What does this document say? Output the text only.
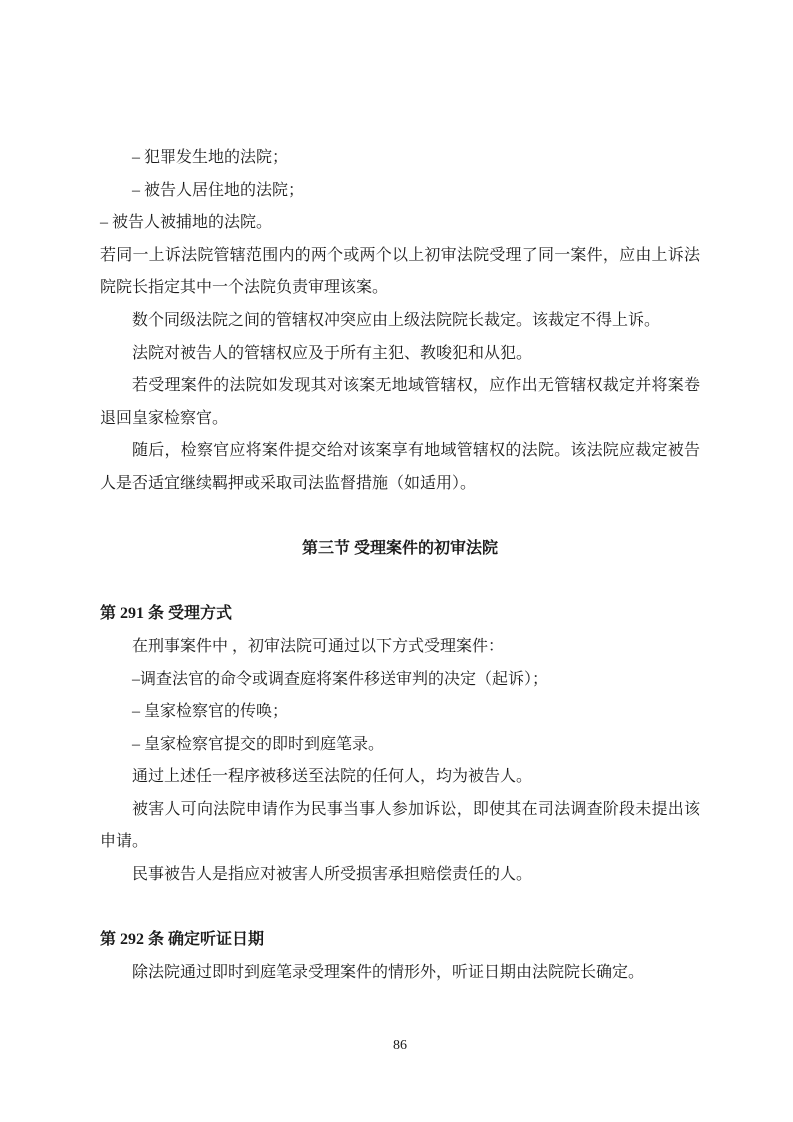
– 犯罪发生地的法院；

– 被告人居住地的法院；

– 被告人被捕地的法院。

若同一上诉法院管辖范围内的两个或两个以上初审法院受理了同一案件，应由上诉法院院长指定其中一个法院负责审理该案。

数个同级法院之间的管辖权冲突应由上级法院院长裁定。该裁定不得上诉。

法院对被告人的管辖权应及于所有主犯、教唆犯和从犯。

若受理案件的法院如发现其对该案无地域管辖权，应作出无管辖权裁定并将案卷退回皇家检察官。

随后，检察官应将案件提交给对该案享有地域管辖权的法院。该法院应裁定被告人是否适宜继续羁押或采取司法监督措施（如适用）。

第三节 受理案件的初审法院

第 291 条 受理方式

在刑事案件中 ，初审法院可通过以下方式受理案件：

–调查法官的命令或调查庭将案件移送审判的决定（起诉）；

– 皇家检察官的传唤；

– 皇家检察官提交的即时到庭笔录。

通过上述任一程序被移送至法院的任何人，均为被告人。

被害人可向法院申请作为民事当事人参加诉讼，即使其在司法调查阶段未提出该申请。

民事被告人是指应对被害人所受损害承担赔偿责任的人。

第 292 条 确定听证日期

除法院通过即时到庭笔录受理案件的情形外，听证日期由法院院长确定。

86
